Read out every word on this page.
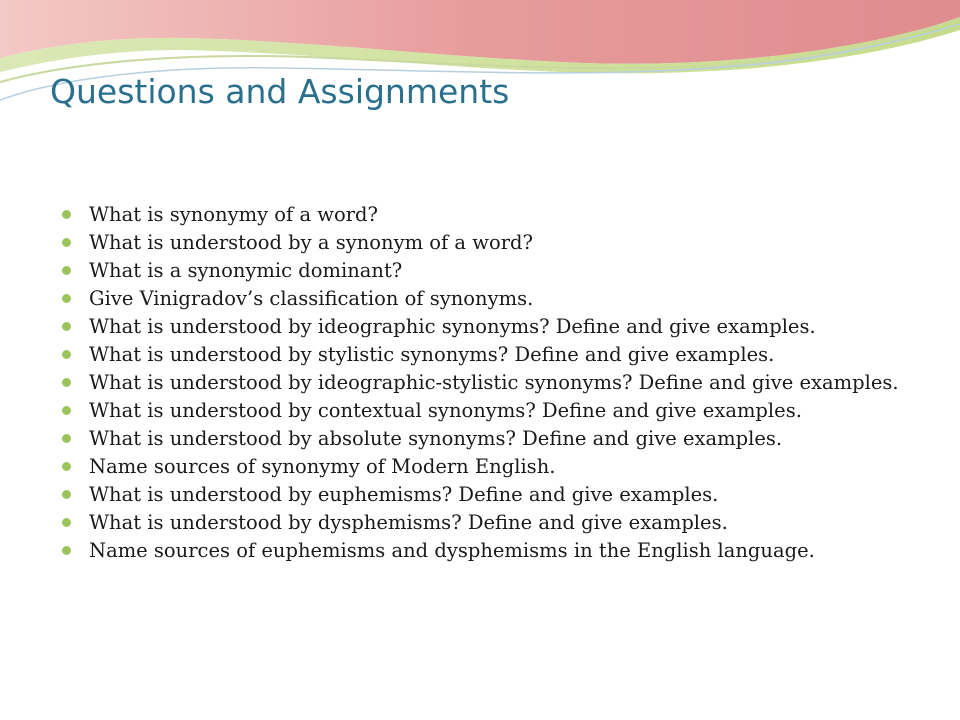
Questions and Assignments
What is synonymy of a word?
What is understood by a synonym of a word?
What is a synonymic dominant?
Give Vinigradov’s classification of synonyms.
What is understood by ideographic synonyms? Define and give examples.
What is understood by stylistic synonyms? Define and give examples.
What is understood by ideographic-stylistic synonyms? Define and give examples.
What is understood by contextual synonyms? Define and give examples.
What is understood by absolute synonyms? Define and give examples.
Name sources of synonymy of Modern English.
What is understood by euphemisms? Define and give examples.
What is understood by dysphemisms? Define and give examples.
Name sources of euphemisms and dysphemisms in the English language.
